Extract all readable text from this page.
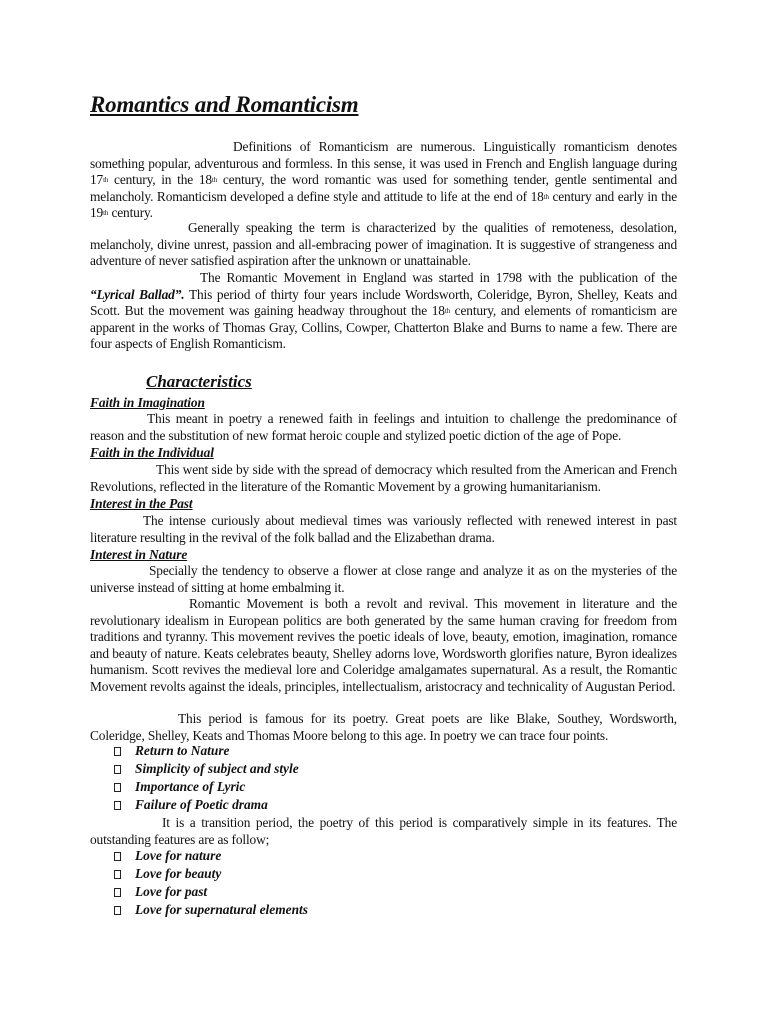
Romantics and Romanticism
Definitions of Romanticism are numerous. Linguistically romanticism denotes something popular, adventurous and formless. In this sense, it was used in French and English language during 17th century, in the 18th century, the word romantic was used for something tender, gentle sentimental and melancholy. Romanticism developed a define style and attitude to life at the end of 18th century and early in the 19th century.
Generally speaking the term is characterized by the qualities of remoteness, desolation, melancholy, divine unrest, passion and all-embracing power of imagination. It is suggestive of strangeness and adventure of never satisfied aspiration after the unknown or unattainable.
The Romantic Movement in England was started in 1798 with the publication of the “Lyrical Ballad”. This period of thirty four years include Wordsworth, Coleridge, Byron, Shelley, Keats and Scott. But the movement was gaining headway throughout the 18th century, and elements of romanticism are apparent in the works of Thomas Gray, Collins, Cowper, Chatterton Blake and Burns to name a few. There are four aspects of English Romanticism.
Characteristics
Faith in Imagination
This meant in poetry a renewed faith in feelings and intuition to challenge the predominance of reason and the substitution of new format heroic couple and stylized poetic diction of the age of Pope.
Faith in the Individual
This went side by side with the spread of democracy which resulted from the American and French Revolutions, reflected in the literature of the Romantic Movement by a growing humanitarianism.
Interest in the Past
The intense curiously about medieval times was variously reflected with renewed interest in past literature resulting in the revival of the folk ballad and the Elizabethan drama.
Interest in Nature
Specially the tendency to observe a flower at close range and analyze it as on the mysteries of the universe instead of sitting at home embalming it.
Romantic Movement is both a revolt and revival. This movement in literature and the revolutionary idealism in European politics are both generated by the same human craving for freedom from traditions and tyranny. This movement revives the poetic ideals of love, beauty, emotion, imagination, romance and beauty of nature. Keats celebrates beauty, Shelley adorns love, Wordsworth glorifies nature, Byron idealizes humanism. Scott revives the medieval lore and Coleridge amalgamates supernatural. As a result, the Romantic Movement revolts against the ideals, principles, intellectualism, aristocracy and technicality of Augustan Period.
This period is famous for its poetry. Great poets are like Blake, Southey, Wordsworth, Coleridge, Shelley, Keats and Thomas Moore belong to this age. In poetry we can trace four points.
Return to Nature
Simplicity of subject and style
Importance of Lyric
Failure of Poetic drama
It is a transition period, the poetry of this period is comparatively simple in its features. The outstanding features are as follow;
Love for nature
Love for beauty
Love for past
Love for supernatural elements
